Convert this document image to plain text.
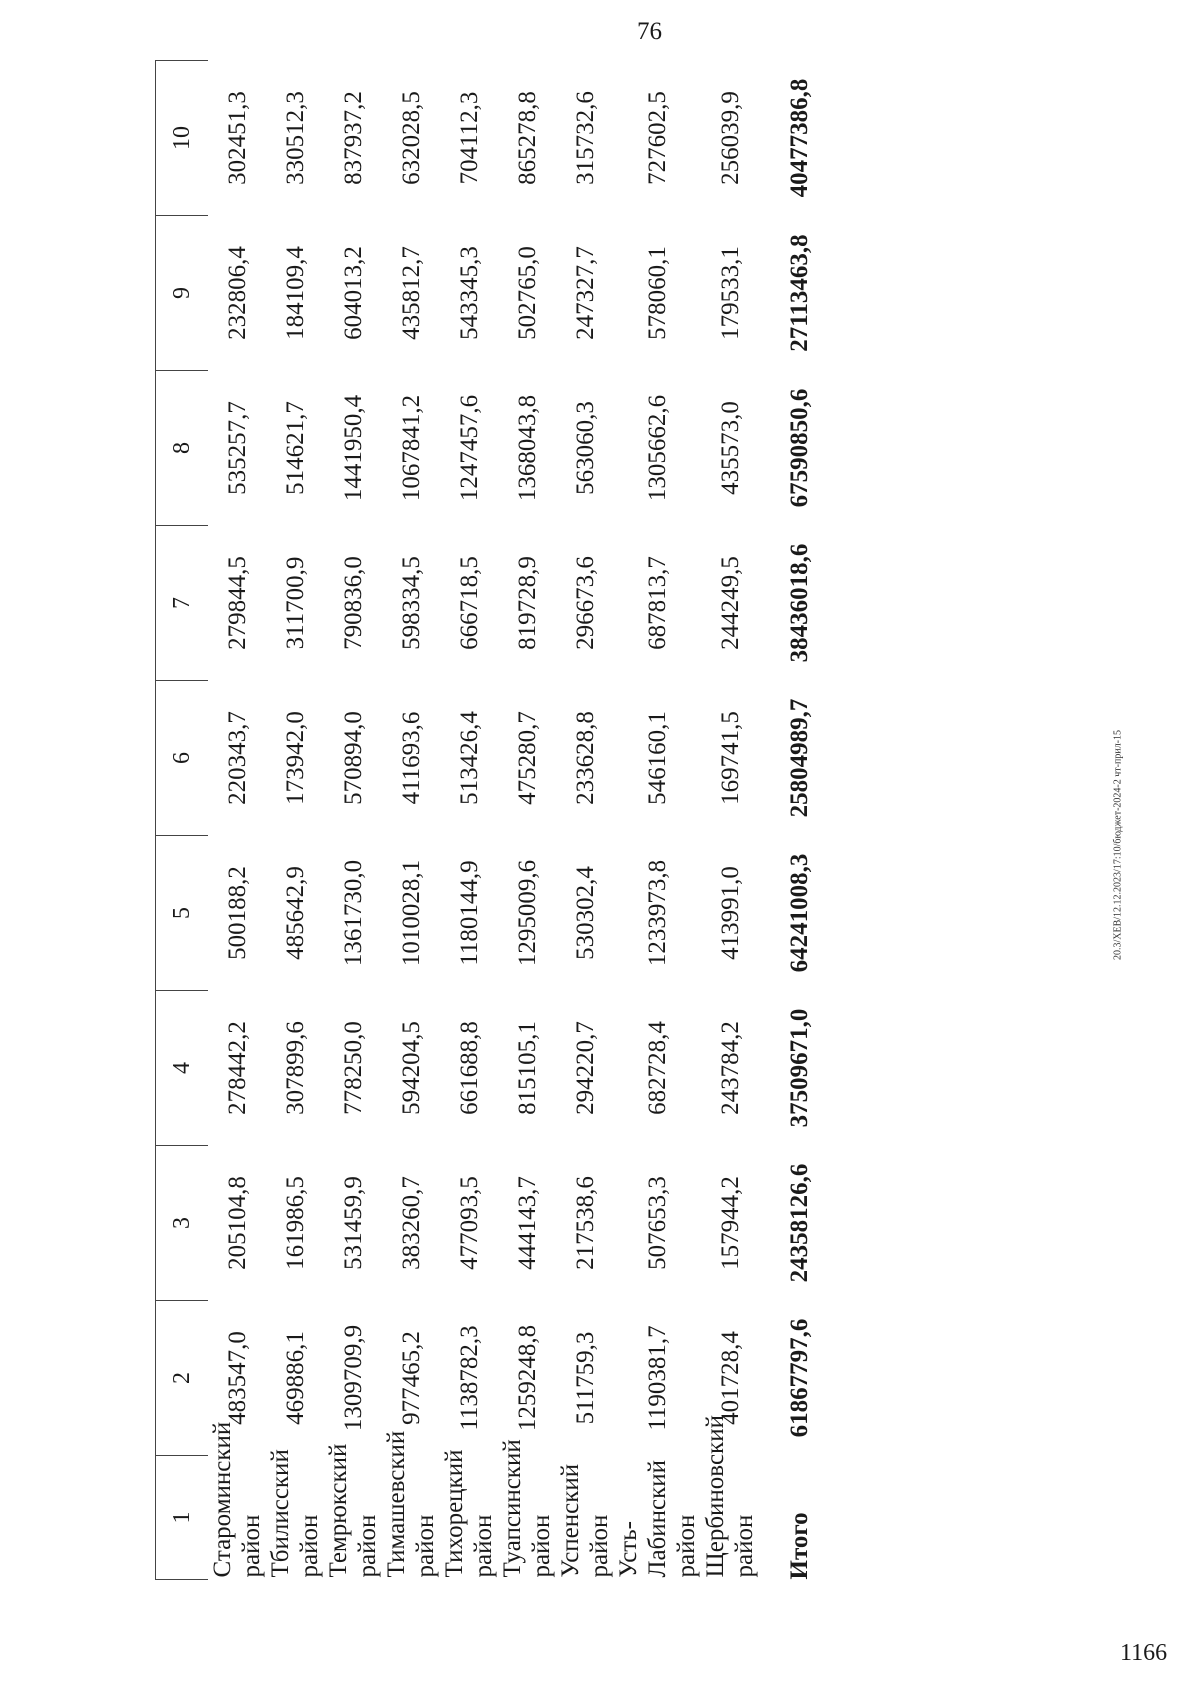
76
20.3/ХЕВ/12.12.2023/17:10/бюджет-2024-2 чт-прил-15
1	2	3	4	5	6	7	8	9	10
Староминский район	483547,0	205104,8	278442,2	500188,2	220343,7	279844,5	535257,7	232806,4	302451,3
Тбилисский район	469886,1	161986,5	307899,6	485642,9	173942,0	311700,9	514621,7	184109,4	330512,3
Темрюкский район	1309709,9	531459,9	778250,0	1361730,0	570894,0	790836,0	1441950,4	604013,2	837937,2
Тимашевский район	977465,2	383260,7	594204,5	1010028,1	411693,6	598334,5	1067841,2	435812,7	632028,5
Тихорецкий район	1138782,3	477093,5	661688,8	1180144,9	513426,4	666718,5	1247457,6	543345,3	704112,3
Туапсинский район	1259248,8	444143,7	815105,1	1295009,6	475280,7	819728,9	1368043,8	502765,0	865278,8
Успенский район	511759,3	217538,6	294220,7	530302,4	233628,8	296673,6	563060,3	247327,7	315732,6
Усть-Лабинский район	1190381,7	507653,3	682728,4	1233973,8	546160,1	687813,7	1305662,6	578060,1	727602,5
Щербиновский район	401728,4	157944,2	243784,2	413991,0	169741,5	244249,5	435573,0	179533,1	256039,9
Итого	61867797,6	24358126,6	37509671,0	64241008,3	25804989,7	38436018,6	67590850,6	27113463,8	40477386,8
1166
